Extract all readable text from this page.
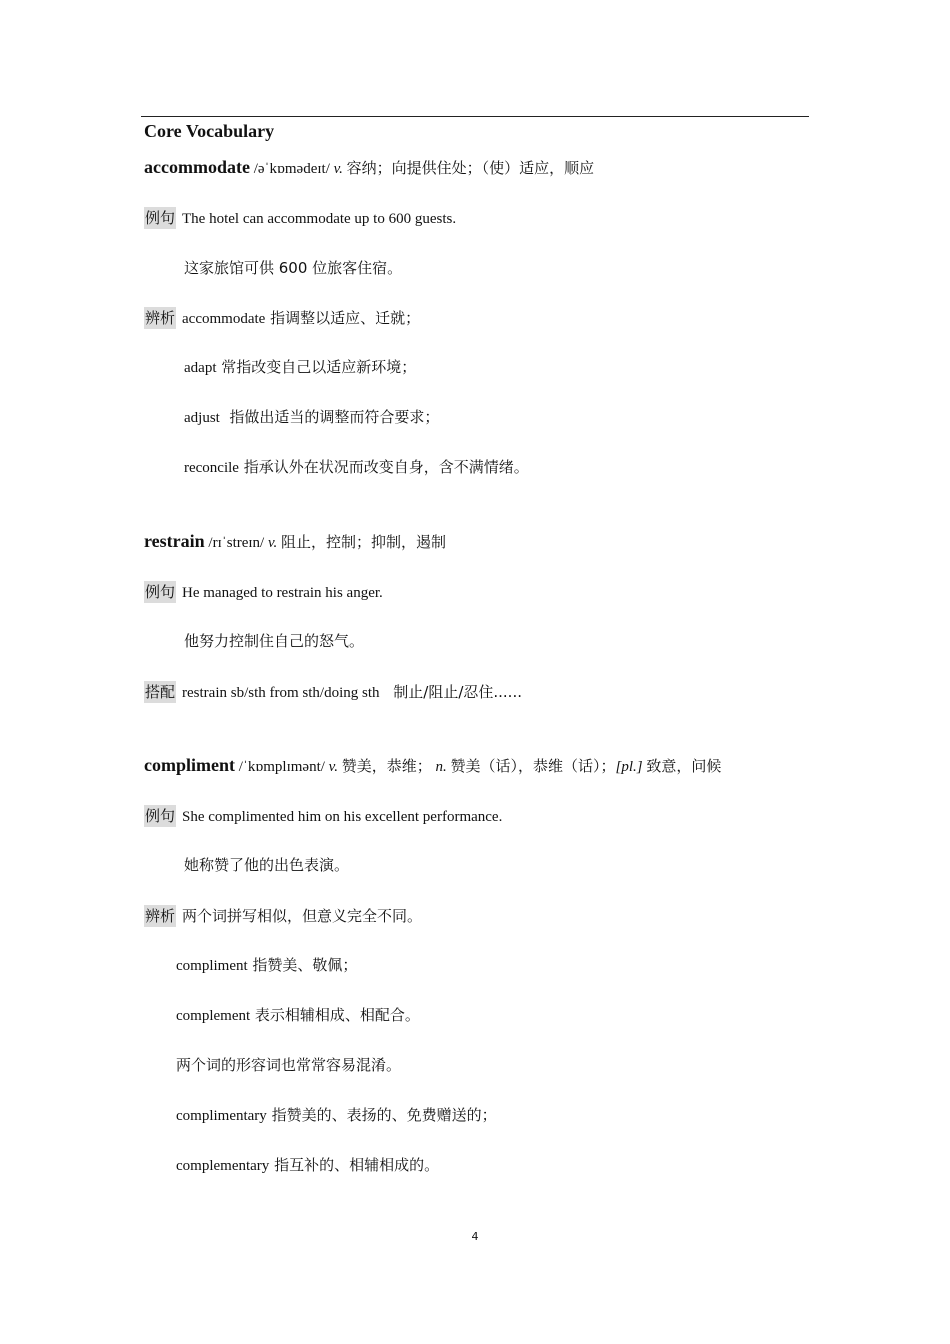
Core Vocabulary
accommodate /əˈkɒmədeɪt/ v. 容纳；向提供住处；（使）适应，顺应
例句 The hotel can accommodate up to 600 guests.
这家旅馆可供 600 位旅客住宿。
辨析 accommodate 指调整以适应、迁就；
adapt 常指改变自己以适应新环境；
adjust  指做出适当的调整而符合要求；
reconcile 指承认外在状况而改变自身，含不满情绪。
restrain /rɪˈstreɪn/ v. 阻止，控制；抑制，遏制
例句 He managed to restrain his anger.
他努力控制住自己的怒气。
搭配 restrain sb/sth from sth/doing sth 制止/阻止/忍住......
compliment /ˈkɒmplɪmənt/ v. 赞美，恭维； n. 赞美（话），恭维（话）；[pl.] 致意，问候
例句 She complimented him on his excellent performance.
她称赞了他的出色表演。
辨析 两个词拼写相似，但意义完全不同。
compliment 指赞美、敬佩；
complement 表示相辅相成、相配合。
两个词的形容词也常常容易混淆。
complimentary 指赞美的、表扬的、免费赠送的；
complementary 指互补的、相辅相成的。
4
